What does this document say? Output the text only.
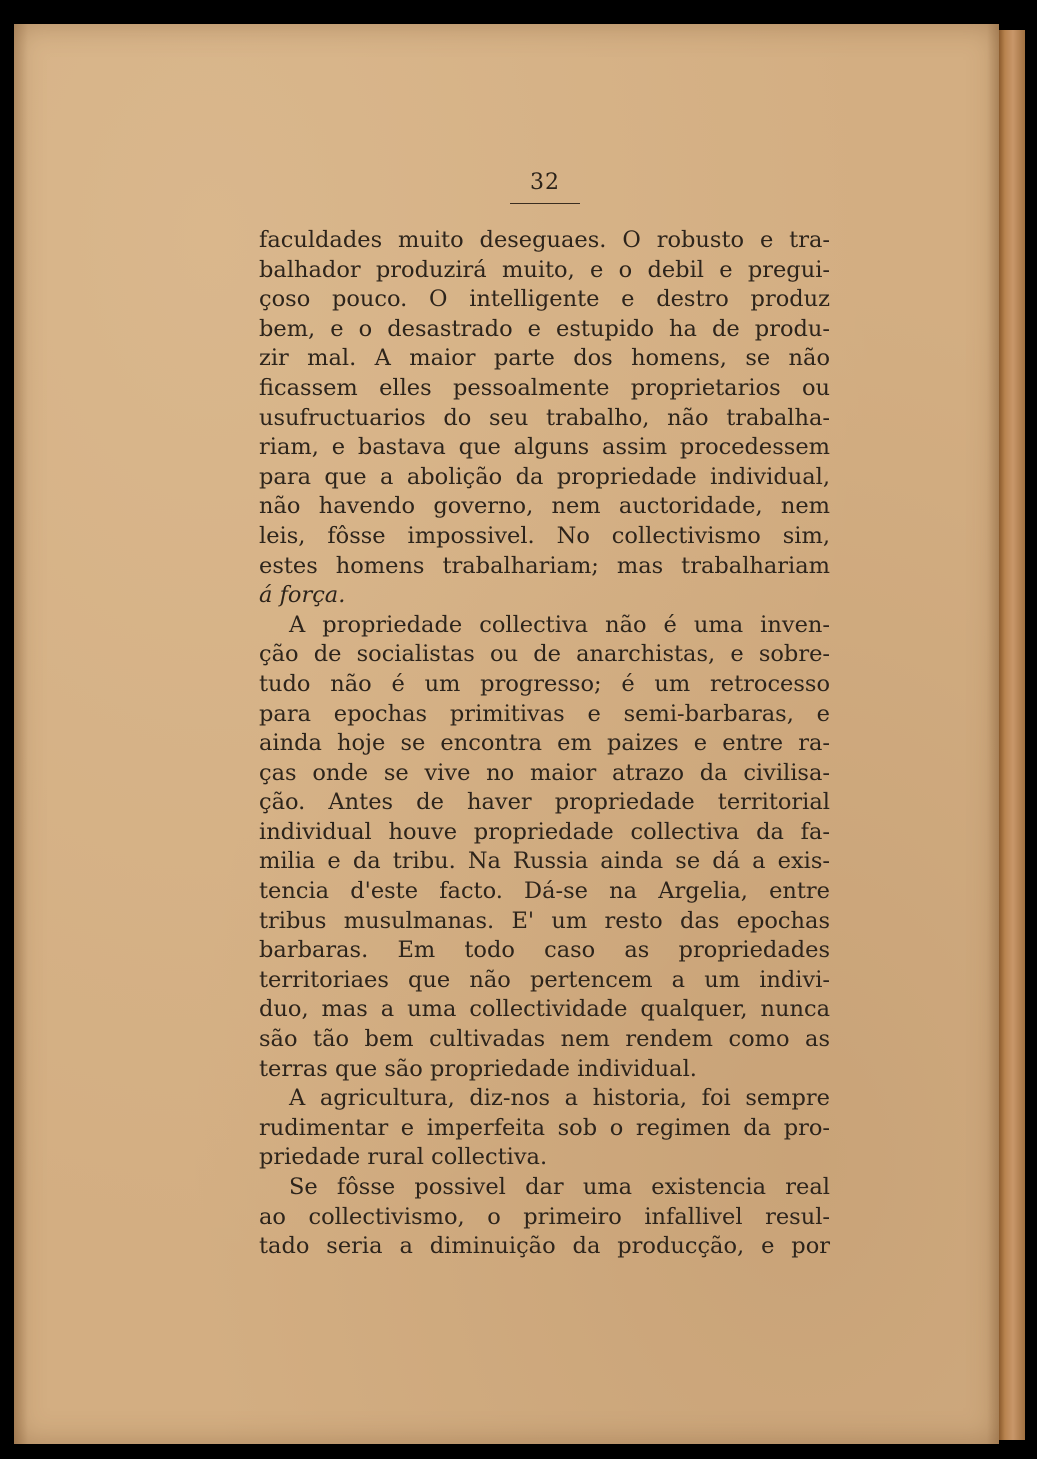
32
faculdades muito deseguaes. O robusto e tra-
balhador produzirá muito, e o debil e pregui-
çoso pouco. O intelligente e destro produz
bem, e o desastrado e estupido ha de produ-
zir mal. A maior parte dos homens, se não
ficassem elles pessoalmente proprietarios ou
usufructuarios do seu trabalho, não trabalha-
riam, e bastava que alguns assim procedessem
para que a abolição da propriedade individual,
não havendo governo, nem auctoridade, nem
leis, fôsse impossivel. No collectivismo sim,
estes homens trabalhariam; mas trabalhariam
á força.
A propriedade collectiva não é uma inven-
ção de socialistas ou de anarchistas, e sobre-
tudo não é um progresso; é um retrocesso
para epochas primitivas e semi-barbaras, e
ainda hoje se encontra em paizes e entre ra-
ças onde se vive no maior atrazo da civilisa-
ção. Antes de haver propriedade territorial
individual houve propriedade collectiva da fa-
milia e da tribu. Na Russia ainda se dá a exis-
tencia d'este facto. Dá-se na Argelia, entre
tribus musulmanas. E' um resto das epochas
barbaras. Em todo caso as propriedades
territoriaes que não pertencem a um indivi-
duo, mas a uma collectividade qualquer, nunca
são tão bem cultivadas nem rendem como as
terras que são propriedade individual.
A agricultura, diz-nos a historia, foi sempre
rudimentar e imperfeita sob o regimen da pro-
priedade rural collectiva.
Se fôsse possivel dar uma existencia real
ao collectivismo, o primeiro infallivel resul-
tado seria a diminuição da producção, e por
